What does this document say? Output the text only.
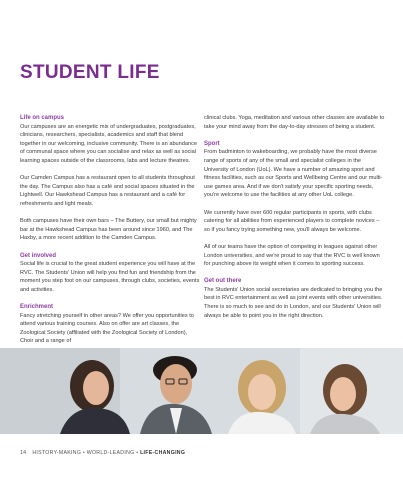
STUDENT LIFE
Life on campus

Our campuses are an energetic mix of undergraduates, postgraduates, clinicians, researchers, specialists, academics and staff that blend together in our welcoming, inclusive community. There is an abundance of communal space where you can socialise and relax as well as social learning spaces outside of the classrooms, labs and lecture theatres.

Our Camden Campus has a restaurant open to all students throughout the day. The Campus also has a café and social spaces situated in the Lightwell. Our Hawkshead Campus has a restaurant and a café for refreshments and light meals.

Both campuses have their own bars – The Buttery, our small but mighty bar at the Hawkshead Campus has been around since 1960, and The Haxby, a more recent addition to the Camden Campus.

Get involved

Social life is crucial to the great student experience you will have at the RVC. The Students' Union will help you find fun and friendship from the moment you step foot on our campuses, through clubs, societies, events and activities.

Enrichment

Fancy stretching yourself in other areas? We offer you opportunities to attend various training courses. Also on offer are art classes, the Zoological Society (affiliated with the Zoological Society of London), Choir and a range of

clinical clubs. Yoga, meditation and various other classes are available to take your mind away from the day-to-day stresses of being a student.

Sport

From badminton to wakeboarding, we probably have the most diverse range of sports of any of the small and specialist colleges in the University of London (UoL). We have a number of amazing sport and fitness facilities, such as our Sports and Wellbeing Centre and our multi-use games area. And if we don't satisfy your specific sporting needs, you're welcome to use the facilities at any other UoL college.

We currently have over 600 regular participants in sports, with clubs catering for all abilities from experienced players to complete novices – so if you fancy trying something new, you'll always be welcome.

All of our teams have the option of competing in leagues against other London universities, and we're proud to say that the RVC is well known for punching above its weight when it comes to sporting success.

Get out there

The Students' Union social secretaries are dedicated to bringing you the best in RVC entertainment as well as joint events with other universities. There is so much to see and do in London, and our Students' Union will always be able to point you in the right direction.

14 HISTORY-MAKING • WORLD-LEADING • LIFE-CHANGING
